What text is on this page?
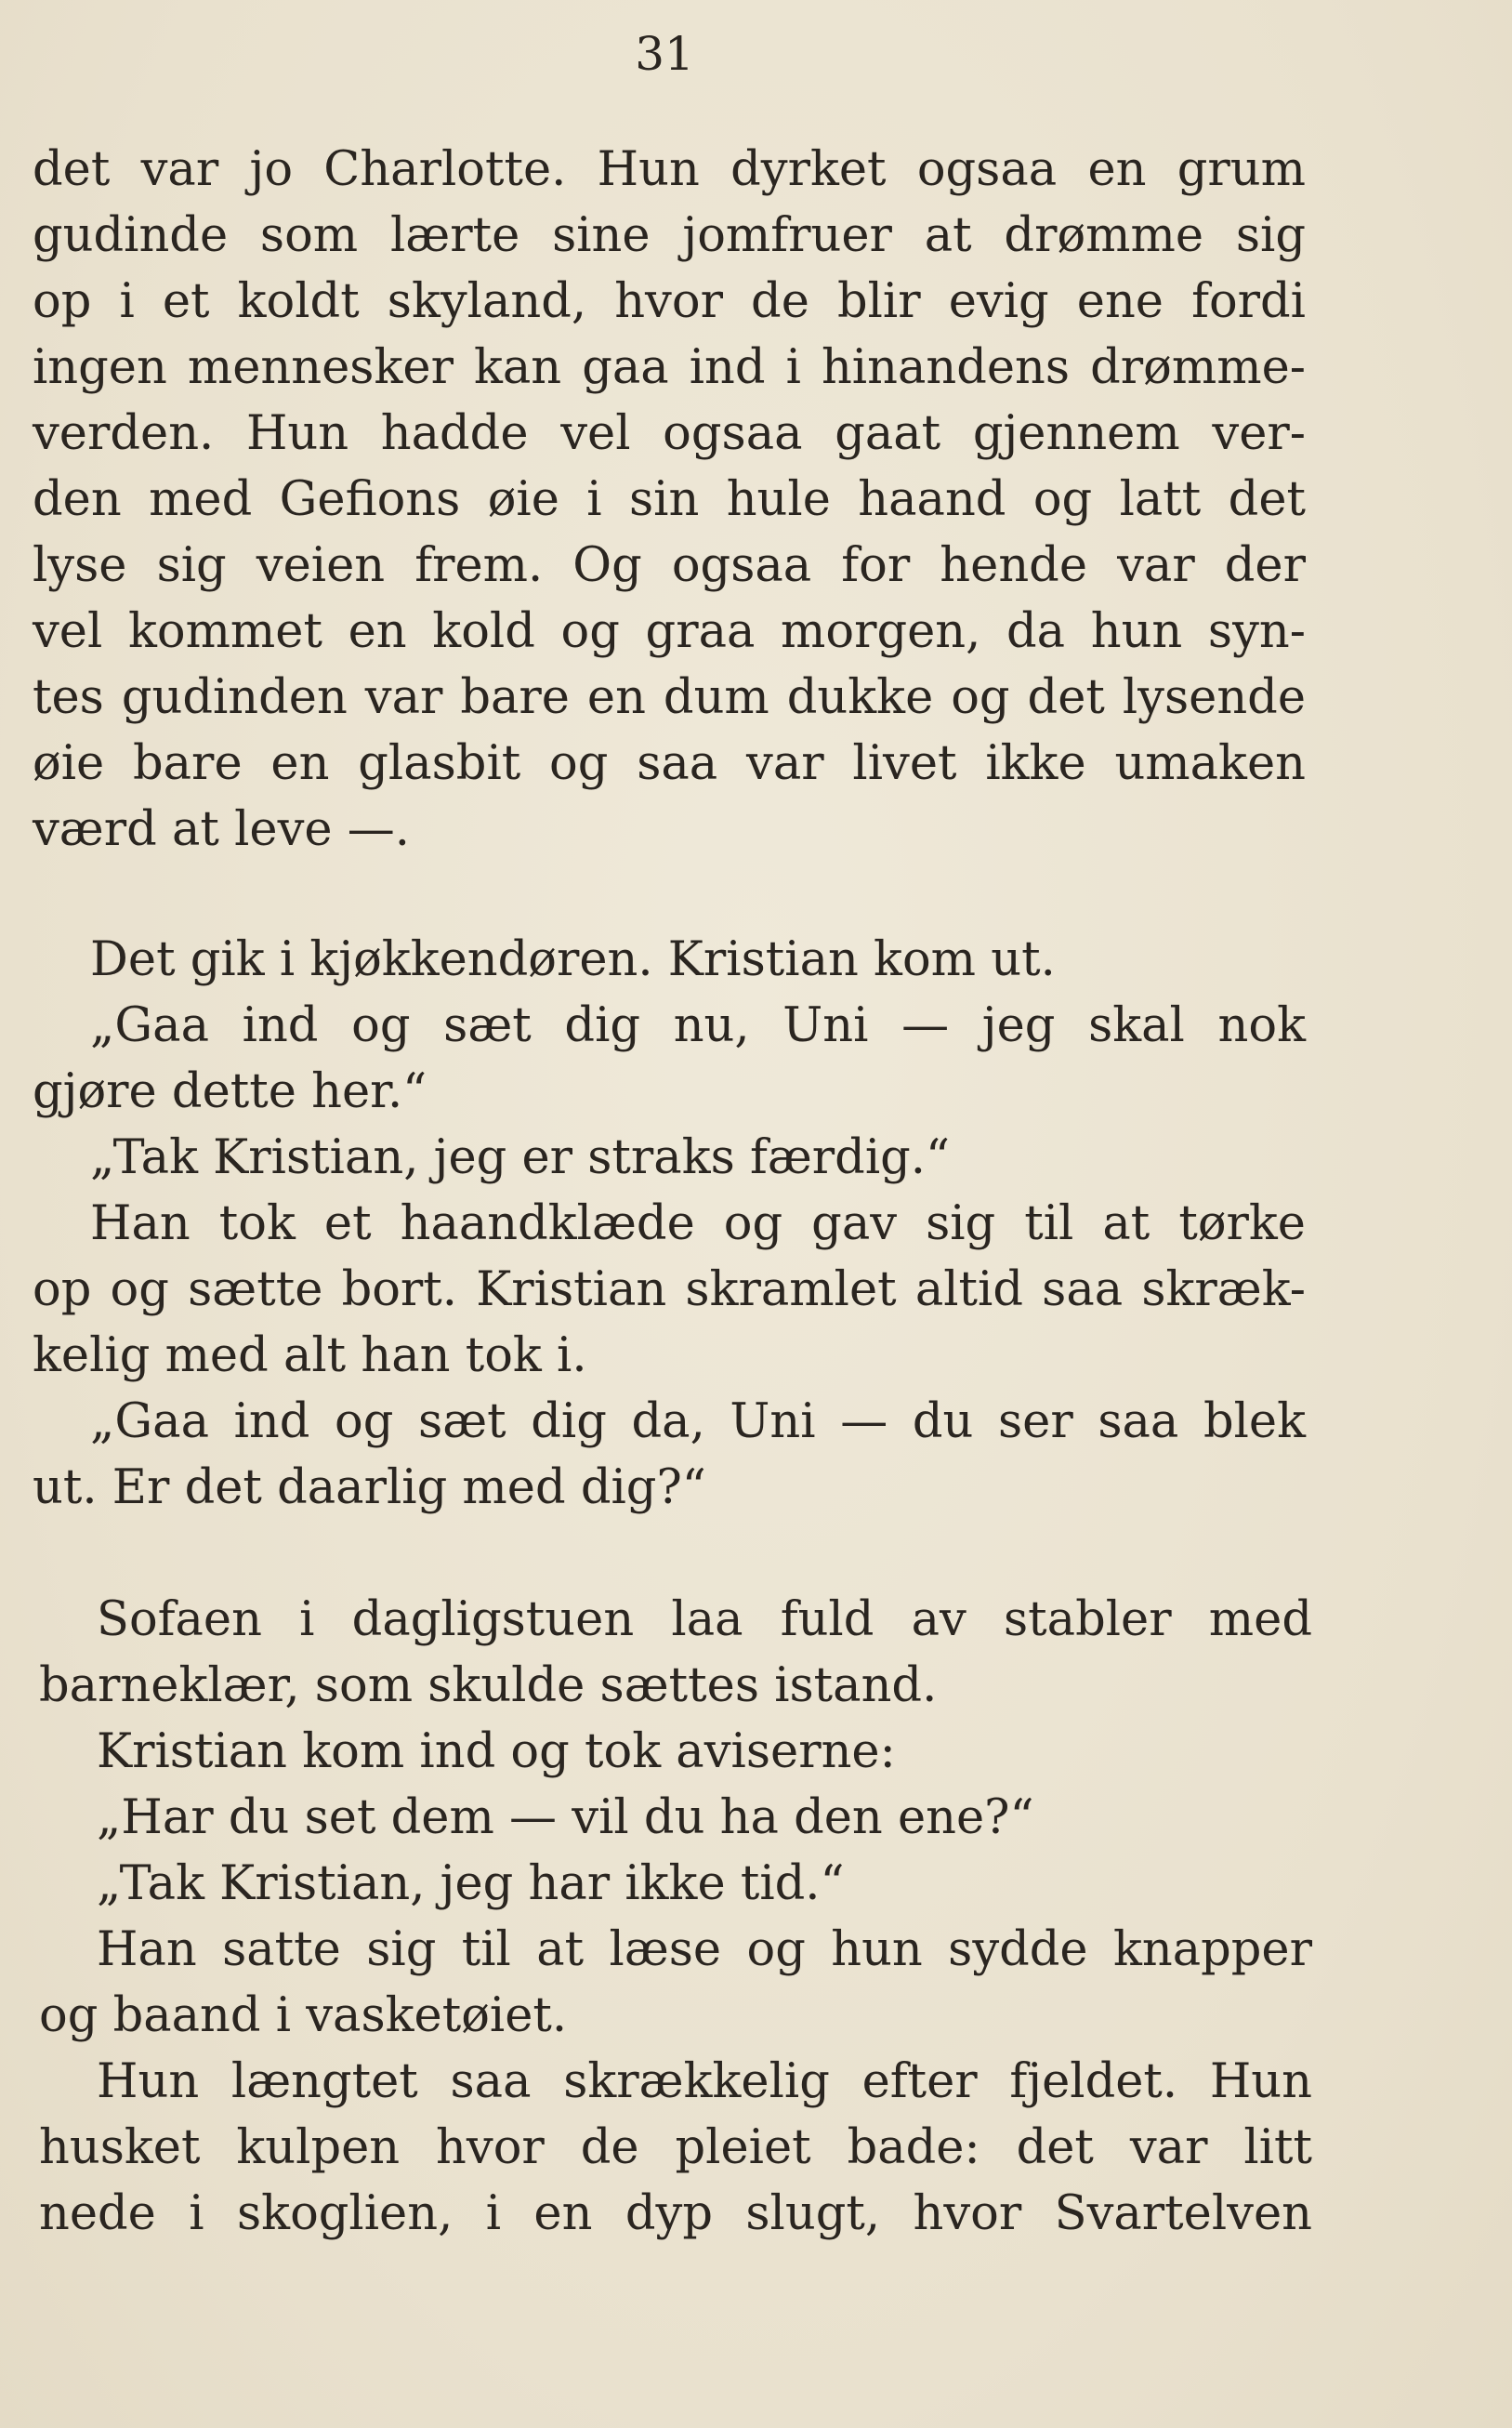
31
det var jo Charlotte. Hun dyrket ogsaa en grum
gudinde som lærte sine jomfruer at drømme sig
op i et koldt skyland, hvor de blir evig ene fordi
ingen mennesker kan gaa ind i hinandens drømme-
verden. Hun hadde vel ogsaa gaat gjennem ver-
den med Gefions øie i sin hule haand og latt det
lyse sig veien frem. Og ogsaa for hende var der
vel kommet en kold og graa morgen, da hun syn-
tes gudinden var bare en dum dukke og det lysende
øie bare en glasbit og saa var livet ikke umaken
værd at leve —.
Det gik i kjøkkendøren. Kristian kom ut.
„Gaa ind og sæt dig nu, Uni — jeg skal nok
gjøre dette her.“
„Tak Kristian, jeg er straks færdig.“
Han tok et haandklæde og gav sig til at tørke
op og sætte bort. Kristian skramlet altid saa skræk-
kelig med alt han tok i.
„Gaa ind og sæt dig da, Uni — du ser saa blek
ut. Er det daarlig med dig?“
Sofaen i dagligstuen laa fuld av stabler med
barneklær, som skulde sættes istand.
Kristian kom ind og tok aviserne:
„Har du set dem — vil du ha den ene?“
„Tak Kristian, jeg har ikke tid.“
Han satte sig til at læse og hun sydde knapper
og baand i vasketøiet.
Hun længtet saa skrækkelig efter fjeldet. Hun
husket kulpen hvor de pleiet bade: det var litt
nede i skoglien, i en dyp slugt, hvor Svartelven
